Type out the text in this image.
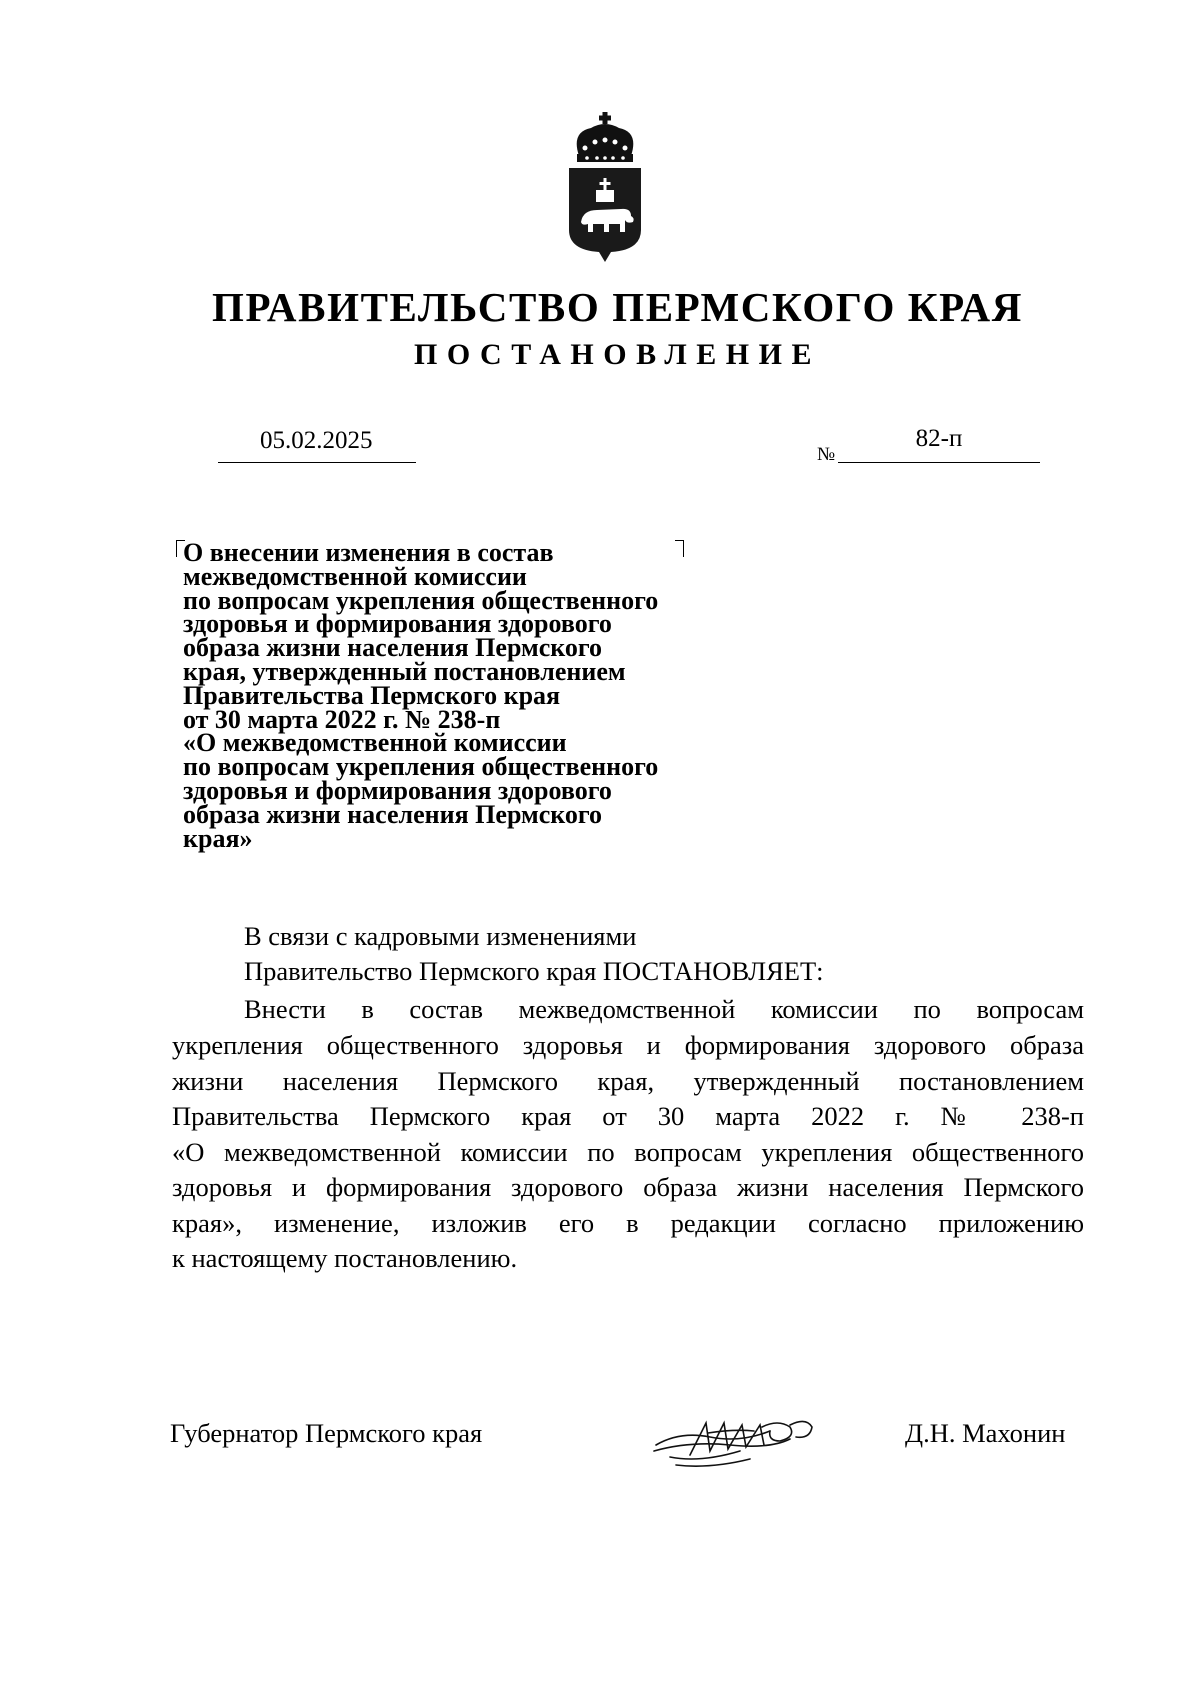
ПРАВИТЕЛЬСТВО ПЕРМСКОГО КРАЯ
ПОСТАНОВЛЕНИЕ
05.02.2025
№
82-п
О внесении изменения в состав
межведомственной комиссии
по вопросам укрепления общественного
здоровья и формирования здорового
образа жизни населения Пермского
края, утвержденный постановлением
Правительства Пермского края
от 30 марта 2022 г. № 238-п
«О межведомственной комиссии
по вопросам укрепления общественного
здоровья и формирования здорового
образа жизни населения Пермского
края»
В связи с кадровыми изменениями
Правительство Пермского края ПОСТАНОВЛЯЕТ:
Внести в состав межведомственной комиссии по вопросам
укрепления общественного здоровья и формирования здорового образа
жизни населения Пермского края, утвержденный постановлением
Правительства Пермского края от 30 марта 2022 г. № 238-п
«О межведомственной комиссии по вопросам укрепления общественного
здоровья и формирования здорового образа жизни населения Пермского
края», изменение, изложив его в редакции согласно приложению
к настоящему постановлению.
Губернатор Пермского края	Д.Н. Махонин
